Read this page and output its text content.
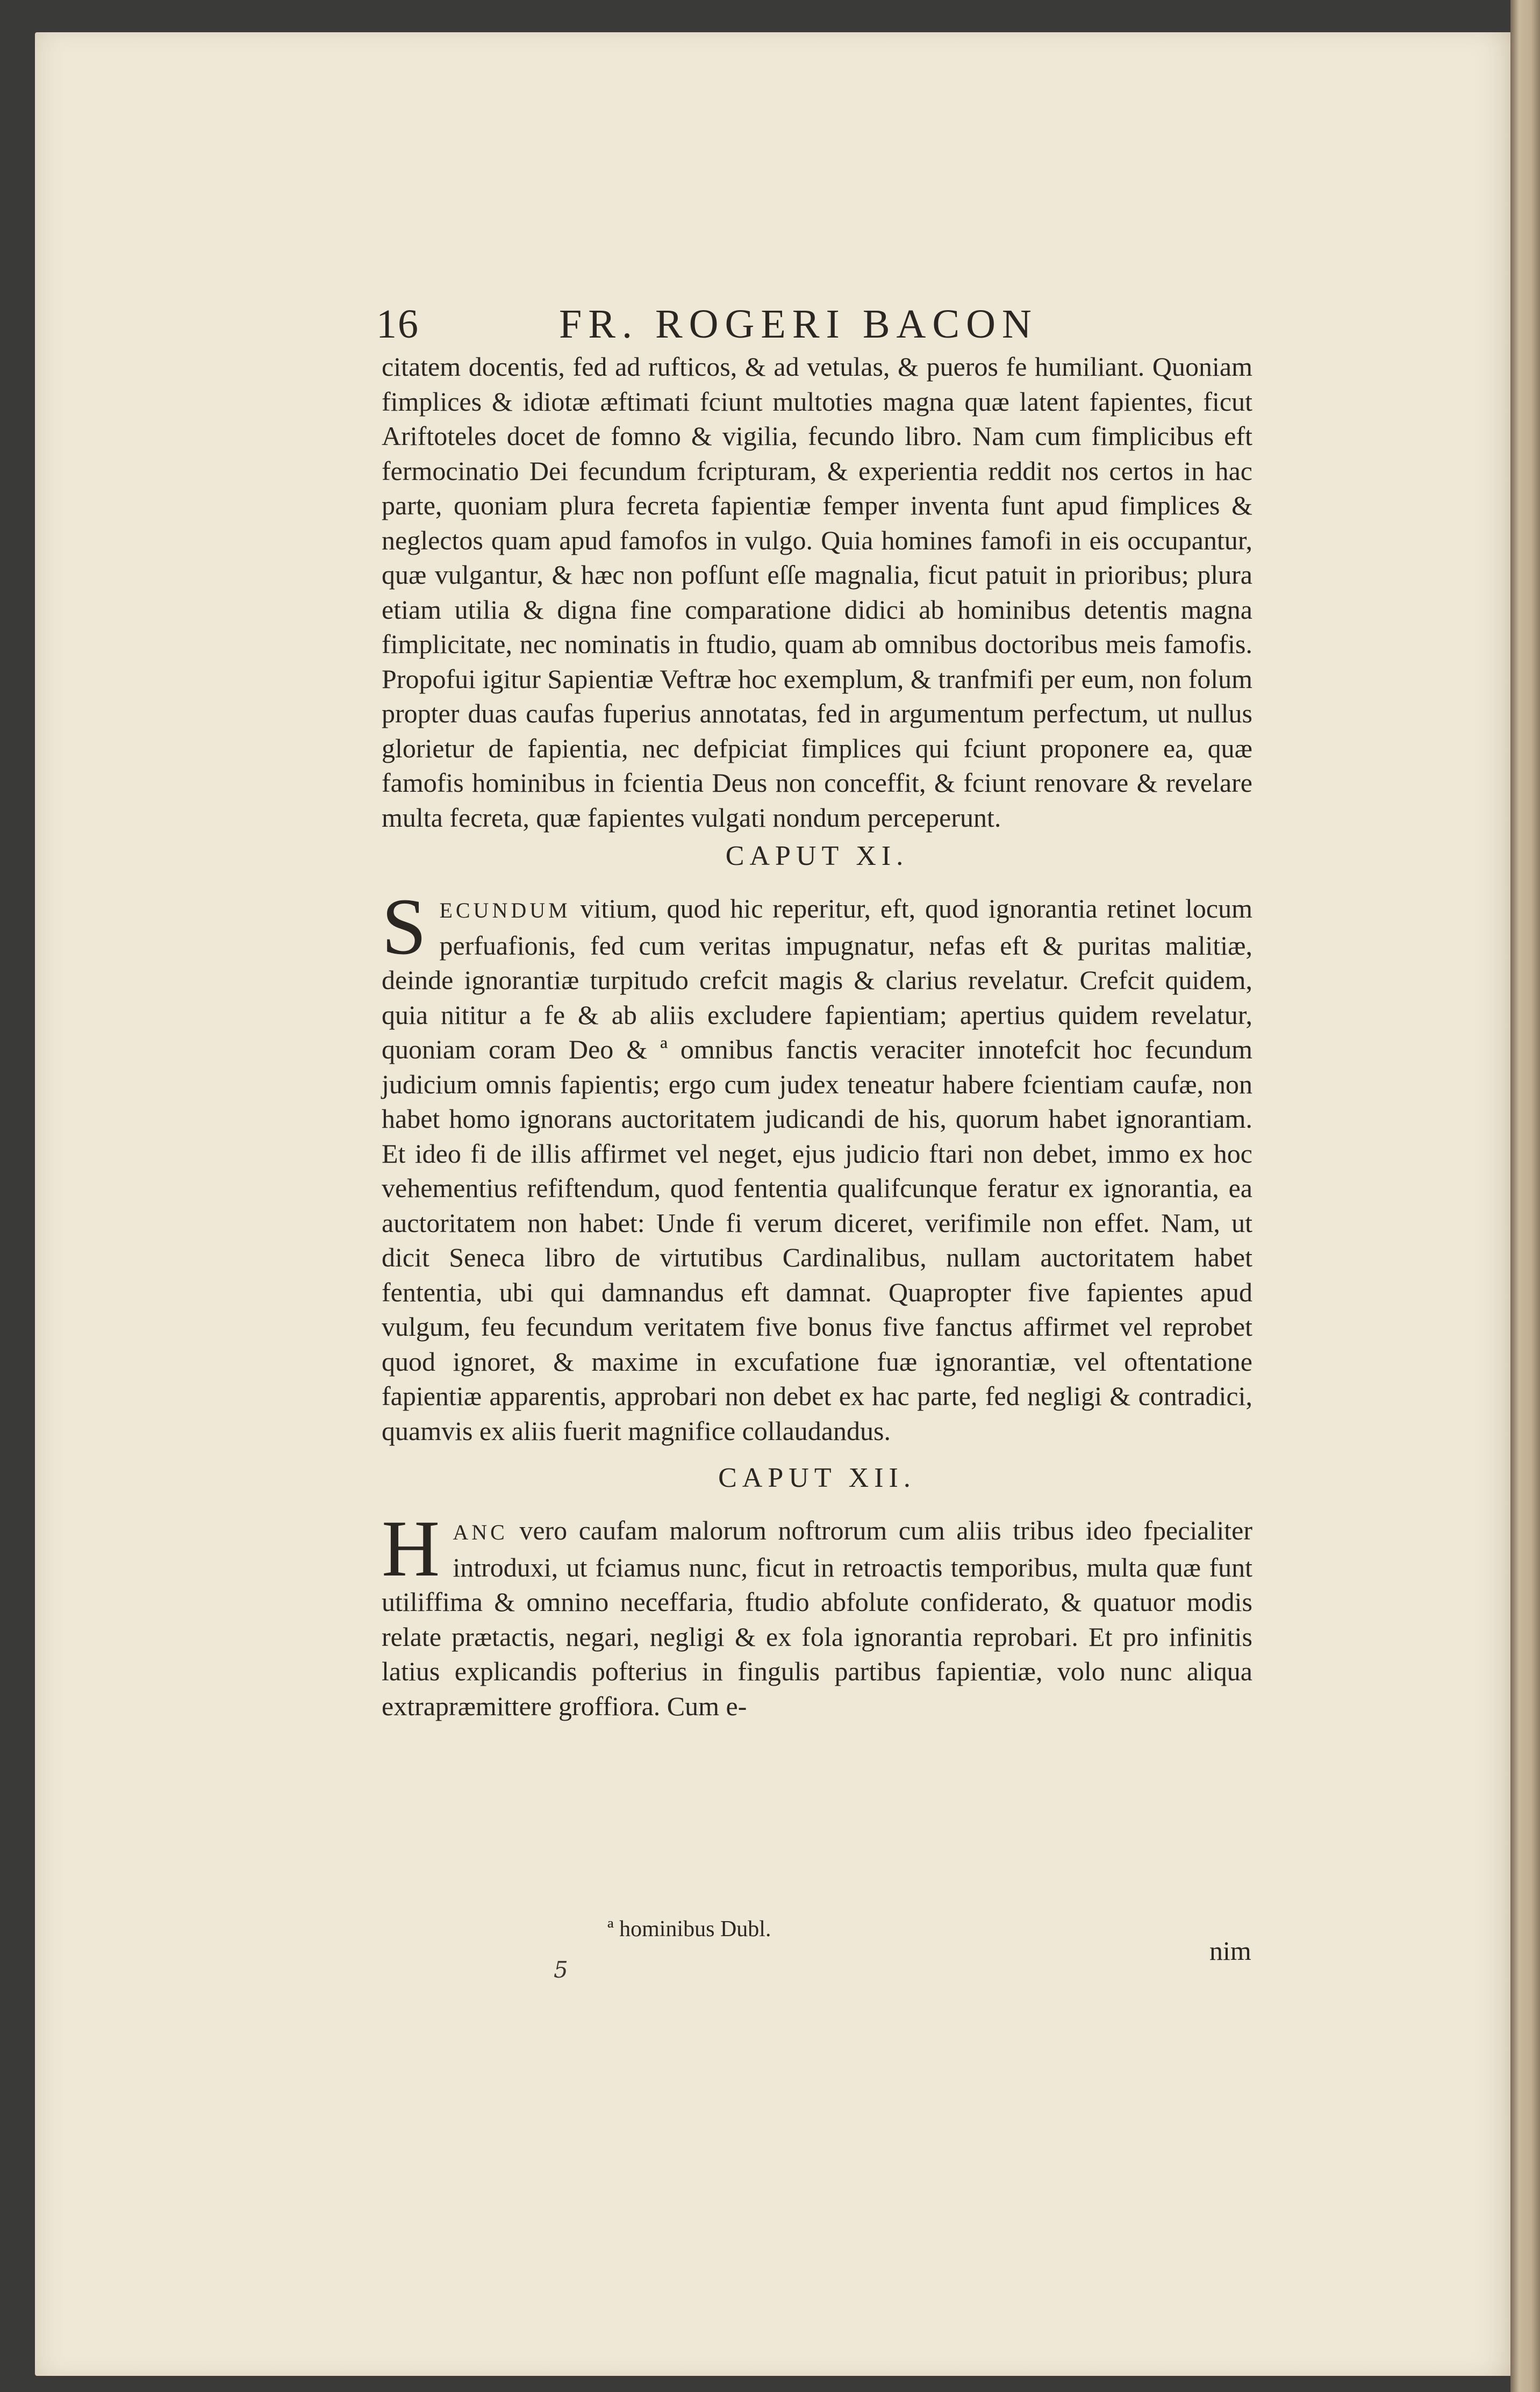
16	FR. ROGERI BACON

citatem docentis, fed ad rufticos, & ad vetulas, & pueros fe humiliant. Quoniam fimplices & idiotæ æftimati fciunt multoties magna quæ latent fapientes, ficut Ariftoteles docet de fomno & vigilia, fecundo libro. Nam cum fimplicibus eft fermocinatio Dei fecundum fcripturam, & experientia reddit nos certos in hac parte, quoniam plura fecreta fapientiæ femper inventa funt apud fimplices & neglectos quam apud famofos in vulgo. Quia homines famofi in eis occupantur, quæ vulgantur, & hæc non pofſunt eſſe magnalia, ficut patuit in prioribus; plura etiam utilia & digna fine comparatione didici ab hominibus detentis magna fimplicitate, nec nominatis in ftudio, quam ab omnibus doctoribus meis famofis. Propofui igitur Sapientiæ Veftræ hoc exemplum, & tranfmifi per eum, non folum propter duas caufas fuperius annotatas, fed in argumentum perfectum, ut nullus glorietur de fapientia, nec defpiciat fimplices qui fciunt proponere ea, quæ famofis hominibus in fcientia Deus non conceffit, & fciunt renovare & revelare multa fecreta, quæ fapientes vulgati nondum perceperunt.

CAPUT XI.

S ECUNDUM vitium, quod hic reperitur, eft, quod ignorantia retinet locum perfuafionis, fed cum veritas impugnatur, nefas eft & puritas malitiæ, deinde ignorantiæ turpitudo crefcit magis & clarius revelatur. Crefcit quidem, quia nititur a fe & ab aliis excludere fapientiam; apertius quidem revelatur, quoniam coram Deo & ª omnibus fanctis veraciter innotefcit hoc fecundum judicium omnis fapientis; ergo cum judex teneatur habere fcientiam caufæ, non habet homo ignorans auctoritatem judicandi de his, quorum habet ignorantiam. Et ideo fi de illis affirmet vel neget, ejus judicio ftari non debet, immo ex hoc vehementius refiftendum, quod fententia qualifcunque feratur ex ignorantia, ea auctoritatem non habet: Unde fi verum diceret, verifimile non effet. Nam, ut dicit Seneca libro de virtutibus Cardinalibus, nullam auctoritatem habet fententia, ubi qui damnandus eft damnat. Quapropter five fapientes apud vulgum, feu fecundum veritatem five bonus five fanctus affirmet vel reprobet quod ignoret, & maxime in excufatione fuæ ignorantiæ, vel oftentatione fapientiæ apparentis, approbari non debet ex hac parte, fed negligi & contradici, quamvis ex aliis fuerit magnifice collaudandus.

CAPUT XII.

H ANC vero caufam malorum noftrorum cum aliis tribus ideo fpecialiter introduxi, ut fciamus nunc, ficut in retroactis temporibus, multa quæ funt utiliffima & omnino neceffaria, ftudio abfolute confiderato, & quatuor modis relate prætactis, negari, negligi & ex fola ignorantia reprobari. Et pro infinitis latius explicandis pofterius in fingulis partibus fapientiæ, volo nunc aliqua extrapræmittere groffiora. Cum e-

ª hominibus Dubl.
5
nim
